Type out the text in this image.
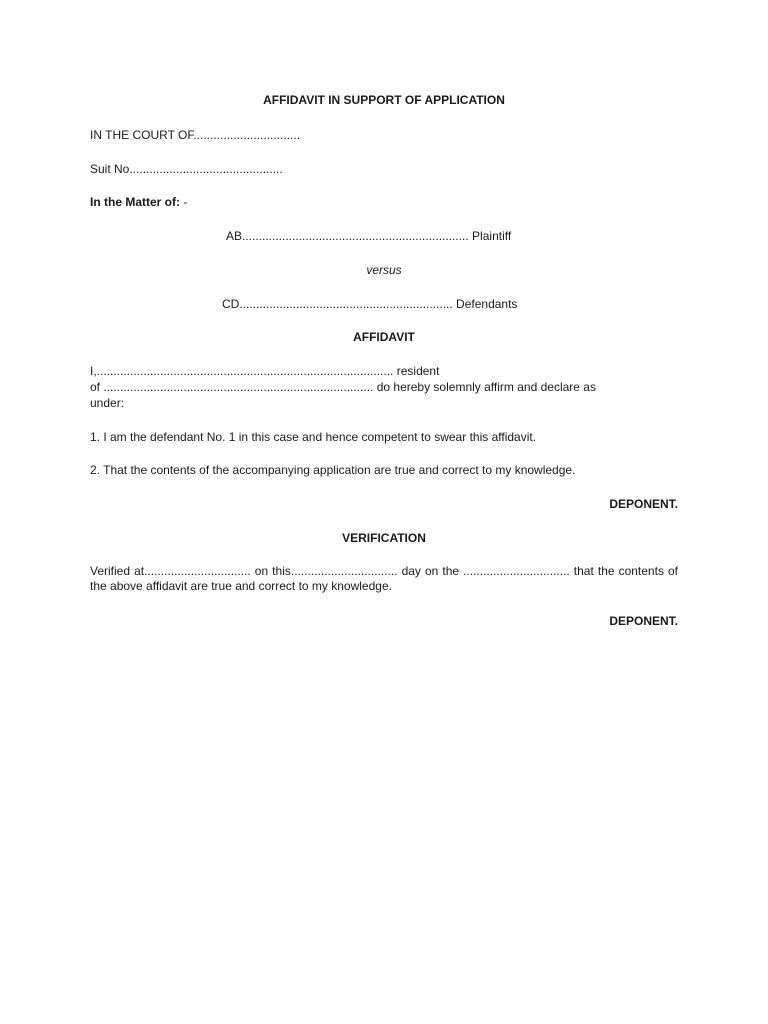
AFFIDAVIT IN SUPPORT OF APPLICATION
IN THE COURT OF................................
Suit No..............................................
In the Matter of: -
AB.................................................................... Plaintiff
versus
CD................................................................ Defendants
AFFIDAVIT
I,......................................................................................... resident
of ................................................................................. do hereby solemnly affirm and declare as
under:
1. I am the defendant No. 1 in this case and hence competent to swear this affidavit.
2. That the contents of the accompanying application are true and correct to my knowledge.
DEPONENT.
VERIFICATION
Verified at................................ on this................................ day on the ................................ that the contents of the above affidavit are true and correct to my knowledge.
DEPONENT.
